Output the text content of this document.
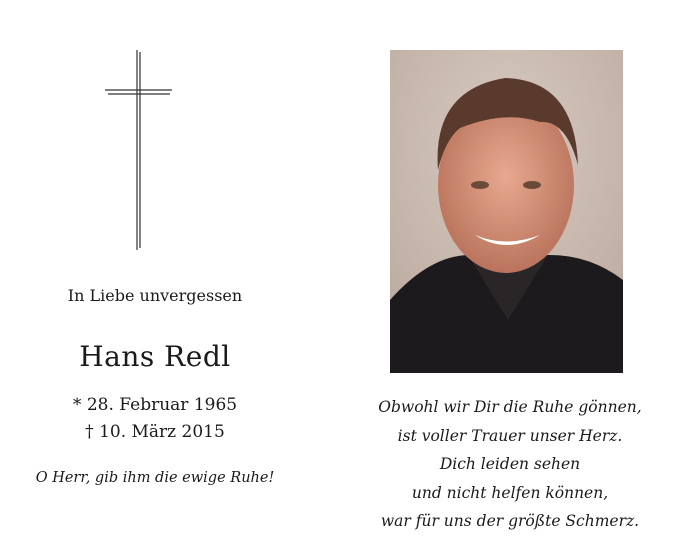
In Liebe unvergessen
Hans Redl
* 28. Februar 1965
† 10. März 2015
O Herr, gib ihm die ewige Ruhe!
Obwohl wir Dir die Ruhe gönnen,
ist voller Trauer unser Herz.
Dich leiden sehen
und nicht helfen können,
war für uns der größte Schmerz.
